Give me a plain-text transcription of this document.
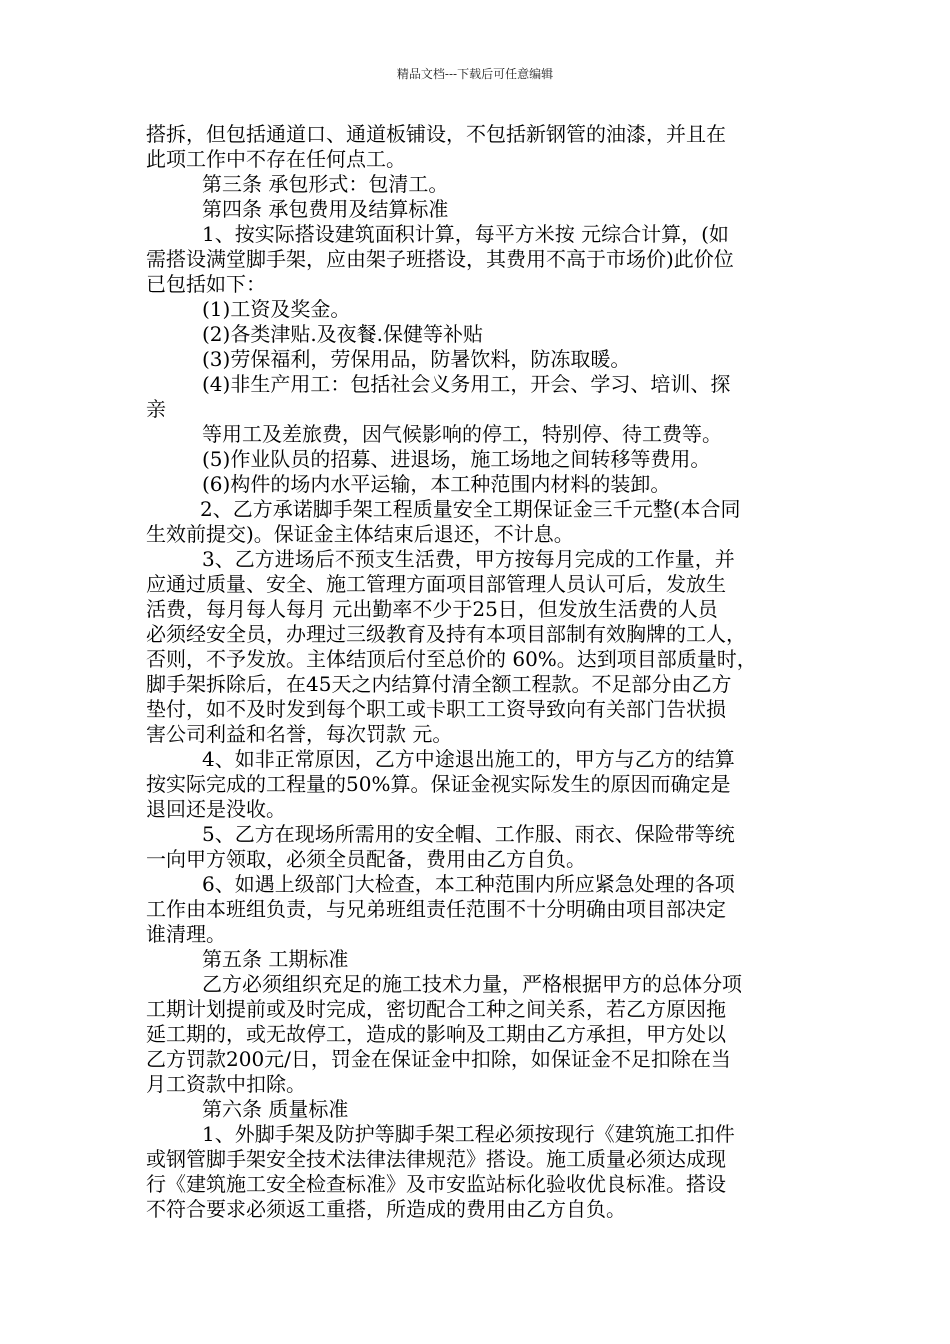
精品文档---下载后可任意编辑
搭拆，但包括通道口、通道板铺设，不包括新钢管的油漆，并且在
此项工作中不存在任何点工。
第三条 承包形式：包清工。
第四条 承包费用及结算标准
1、按实际搭设建筑面积计算，每平方米按 元综合计算，(如
需搭设满堂脚手架，应由架子班搭设，其费用不高于市场价)此价位
已包括如下：
(1)工资及奖金。
(2)各类津贴.及夜餐.保健等补贴
(3)劳保福利，劳保用品，防暑饮料，防冻取暖。
(4)非生产用工：包括社会义务用工，开会、学习、培训、探
亲
等用工及差旅费，因气候影响的停工，特别停、待工费等。
(5)作业队员的招募、进退场，施工场地之间转移等费用。
(6)构件的场内水平运输，本工种范围内材料的装卸。
2、乙方承诺脚手架工程质量安全工期保证金三千元整(本合同
生效前提交)。保证金主体结束后退还，不计息。
3、乙方进场后不预支生活费，甲方按每月完成的工作量，并
应通过质量、安全、施工管理方面项目部管理人员认可后，发放生
活费，每月每人每月 元出勤率不少于25日，但发放生活费的人员
必须经安全员，办理过三级教育及持有本项目部制有效胸牌的工人，
否则，不予发放。主体结顶后付至总价的 60%。达到项目部质量时，
脚手架拆除后，在45天之内结算付清全额工程款。不足部分由乙方
垫付，如不及时发到每个职工或卡职工工资导致向有关部门告状损
害公司利益和名誉，每次罚款 元。
4、如非正常原因，乙方中途退出施工的，甲方与乙方的结算
按实际完成的工程量的50%算。保证金视实际发生的原因而确定是
退回还是没收。
5、乙方在现场所需用的安全帽、工作服、雨衣、保险带等统
一向甲方领取，必须全员配备，费用由乙方自负。
6、如遇上级部门大检查，本工种范围内所应紧急处理的各项
工作由本班组负责，与兄弟班组责任范围不十分明确由项目部决定
谁清理。
第五条 工期标准
乙方必须组织充足的施工技术力量，严格根据甲方的总体分项
工期计划提前或及时完成，密切配合工种之间关系，若乙方原因拖
延工期的，或无故停工，造成的影响及工期由乙方承担，甲方处以
乙方罚款200元/日，罚金在保证金中扣除，如保证金不足扣除在当
月工资款中扣除。
第六条 质量标准
1、外脚手架及防护等脚手架工程必须按现行《建筑施工扣件
或钢管脚手架安全技术法律法律规范》搭设。施工质量必须达成现
行《建筑施工安全检查标准》及市安监站标化验收优良标准。搭设
不符合要求必须返工重搭，所造成的费用由乙方自负。
